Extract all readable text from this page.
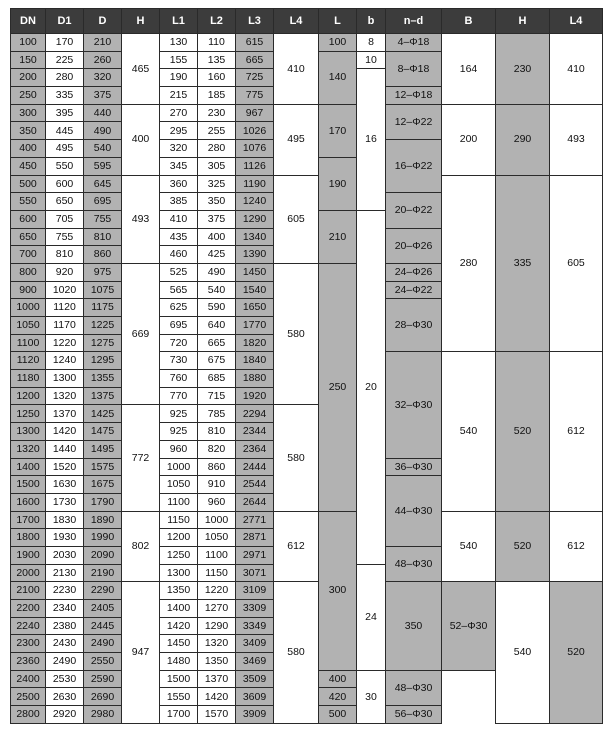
DN	D1	D	H	L1	L2	L3	L4	L	b	n–d	B	H	L4	
100	170	210	465	130	110	615	410	100	8	4–Φ18	164	230	410	
150	225	260		155	135	665		140	10	8–Φ18				
200	280	320		190	160	725			16					
250	335	375		215	185	775				12–Φ18				
300	395	440	400	270	230	967	495	170		12–Φ22	200	290	493	
350	445	490		295	255	1026								
400	495	540		320	280	1076				16–Φ22				
450	550	595		345	305	1126		190						
500	600	645	493	360	325	1190	605				280	335	605	
550	650	695		385	350	1240				20–Φ22				
600	705	755		410	375	1290		210	20					
650	755	810		435	400	1340				20–Φ26				
700	810	860		460	425	1390								
800	920	975	669	525	490	1450	580	250		24–Φ26				
900	1020	1075		565	540	1540				24–Φ22				
1000	1120	1175		625	590	1650				28–Φ30				
1050	1170	1225		695	640	1770								
1100	1220	1275		720	665	1820								
1120	1240	1295		730	675	1840				32–Φ30	540	520	612	
1180	1300	1355		760	685	1880								
1200	1320	1375		770	715	1920								
1250	1370	1425	772	925	785	2294	580							
1300	1420	1475		925	810	2344								
1320	1440	1495		960	820	2364								
1400	1520	1575		1000	860	2444				36–Φ30				
1500	1630	1675		1050	910	2544				44–Φ30				
1600	1730	1790		1100	960	2644								
1700	1830	1890	802	1150	1000	2771	612	300			540	520	612	
1800	1930	1990		1200	1050	2871								
1900	2030	2090		1250	1100	2971				48–Φ30				
2000	2130	2190		1300	1150	3071			24					
2100	2230	2290	947	1350	1220	3109	580			350	52–Φ30	540	520	
2200	2340	2405		1400	1270	3309								
2240	2380	2445		1420	1290	3349								
2300	2430	2490		1450	1320	3409								
2360	2490	2550		1480	1350	3469								
2400	2530	2590		1500	1370	3509		400	30	48–Φ30				
2500	2630	2690		1550	1420	3609		420						
2800	2920	2980		1700	1570	3909		500		56–Φ30				
